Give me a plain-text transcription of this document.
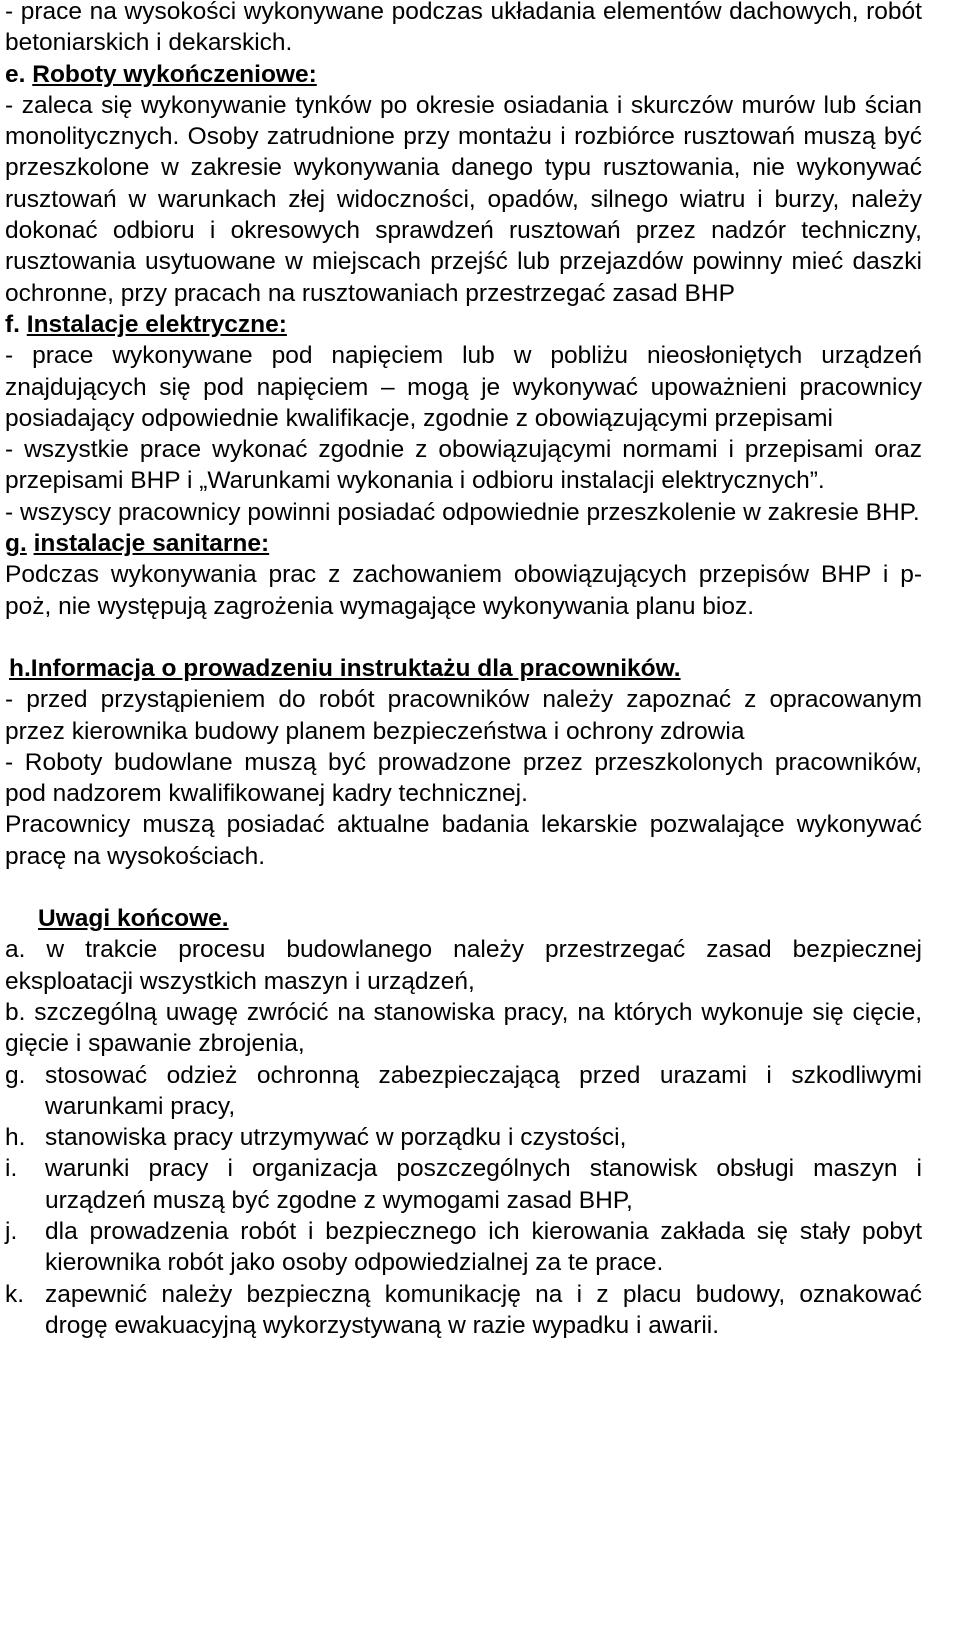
- prace na wysokości wykonywane podczas układania elementów dachowych, robót betoniarskich i dekarskich.

e. Roboty wykończeniowe:

- zaleca się wykonywanie tynków po okresie osiadania i skurczów murów lub ścian monolitycznych. Osoby zatrudnione przy montażu i rozbiórce rusztowań muszą być przeszkolone w zakresie wykonywania danego typu rusztowania, nie wykonywać rusztowań w warunkach złej widoczności, opadów, silnego wiatru i burzy, należy dokonać odbioru i okresowych sprawdzeń rusztowań przez nadzór techniczny, rusztowania usytuowane w miejscach przejść lub przejazdów powinny mieć daszki ochronne, przy pracach na rusztowaniach przestrzegać zasad BHP

f. Instalacje elektryczne:

- prace wykonywane pod napięciem lub w pobliżu nieosłoniętych urządzeń znajdujących się pod napięciem – mogą je wykonywać upoważnieni pracownicy posiadający odpowiednie kwalifikacje, zgodnie z obowiązującymi przepisami

- wszystkie prace wykonać zgodnie z obowiązującymi normami i przepisami oraz przepisami BHP i „Warunkami wykonania i odbioru instalacji elektrycznych”.

- wszyscy pracownicy powinni posiadać odpowiednie przeszkolenie w zakresie BHP.

g. instalacje sanitarne:

Podczas wykonywania prac z zachowaniem obowiązujących przepisów BHP i p- poż, nie występują zagrożenia wymagające wykonywania planu bioz.

h.Informacja o prowadzeniu instruktażu dla pracowników.

- przed przystąpieniem do robót pracowników należy zapoznać z opracowanym przez kierownika budowy planem bezpieczeństwa i ochrony zdrowia

- Roboty budowlane muszą być prowadzone przez przeszkolonych pracowników, pod nadzorem kwalifikowanej kadry technicznej.

Pracownicy muszą posiadać aktualne badania lekarskie pozwalające wykonywać pracę na wysokościach.

Uwagi końcowe.

a. w trakcie procesu budowlanego należy przestrzegać zasad bezpiecznej eksploatacji wszystkich maszyn i urządzeń,

b. szczególną uwagę zwrócić na stanowiska pracy, na których wykonuje się cięcie, gięcie i spawanie zbrojenia,

g. stosować odzież ochronną zabezpieczającą przed urazami i szkodliwymi warunkami pracy,
h. stanowiska pracy utrzymywać w porządku i czystości,
i.	warunki pracy i organizacja poszczególnych stanowisk obsługi maszyn i urządzeń muszą być zgodne z wymogami zasad BHP,
j.	dla prowadzenia robót i bezpiecznego ich kierowania zakłada się stały pobyt kierownika robót jako osoby odpowiedzialnej za te prace.
k. zapewnić należy bezpieczną komunikację na i z placu budowy, oznakować drogę ewakuacyjną wykorzystywaną w razie wypadku i awarii.
